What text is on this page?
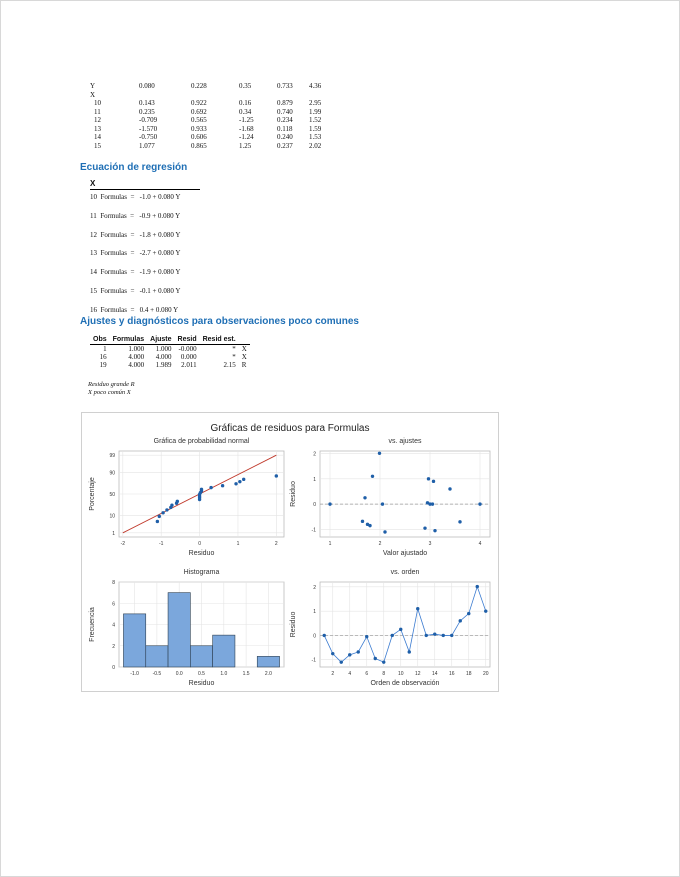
Y	0.080	0.228	0.35	0.733	4.36
X					
10	0.143	0.922	0.16	0.879	2.95
11	0.235	0.692	0.34	0.740	1.99
12	-0.709	0.565	-1.25	0.234	1.52
13	-1.570	0.933	-1.68	0.118	1.59
14	-0.750	0.606	-1.24	0.240	1.53
15	1.077	0.865	1.25	0.237	2.02
Ecuación de regresión
X
10  Formulas  =   -1.0 + 0.080 Y
11  Formulas  =   -0.9 + 0.080 Y
12  Formulas  =   -1.8 + 0.080 Y
13  Formulas  =   -2.7 + 0.080 Y
14  Formulas  =   -1.9 + 0.080 Y
15  Formulas  =   -0.1 + 0.080 Y
16  Formulas  =   0.4 + 0.080 Y
Ajustes y diagnósticos para observaciones poco comunes
Obs	Formulas	Ajuste	Resid	Resid est.	
1	1.000	1.000	-0.000	*	X
16	4.000	4.000	0.000	*	X
19	4.000	1.989	2.011	2.15	R
Residuo grande R
X poco común X
Gráficas de residuos para Formulas
Gráfica de probabilidad normal
Residuo
Porcentaje
1
10
50
90
99
-2	-1	0	1	2
vs. ajustes
Valor ajustado
Residuo
-1
0
1
2
1	2	3	4
Histograma
Residuo
Frecuencia
0
2
4
6
8
-1.0	-0.5	0.0	0.5	1.0	1.5	2.0
vs. orden
Orden de observación
Residuo
-1
0
1
2
2	4	6	8	10 12 14 16 18 20
